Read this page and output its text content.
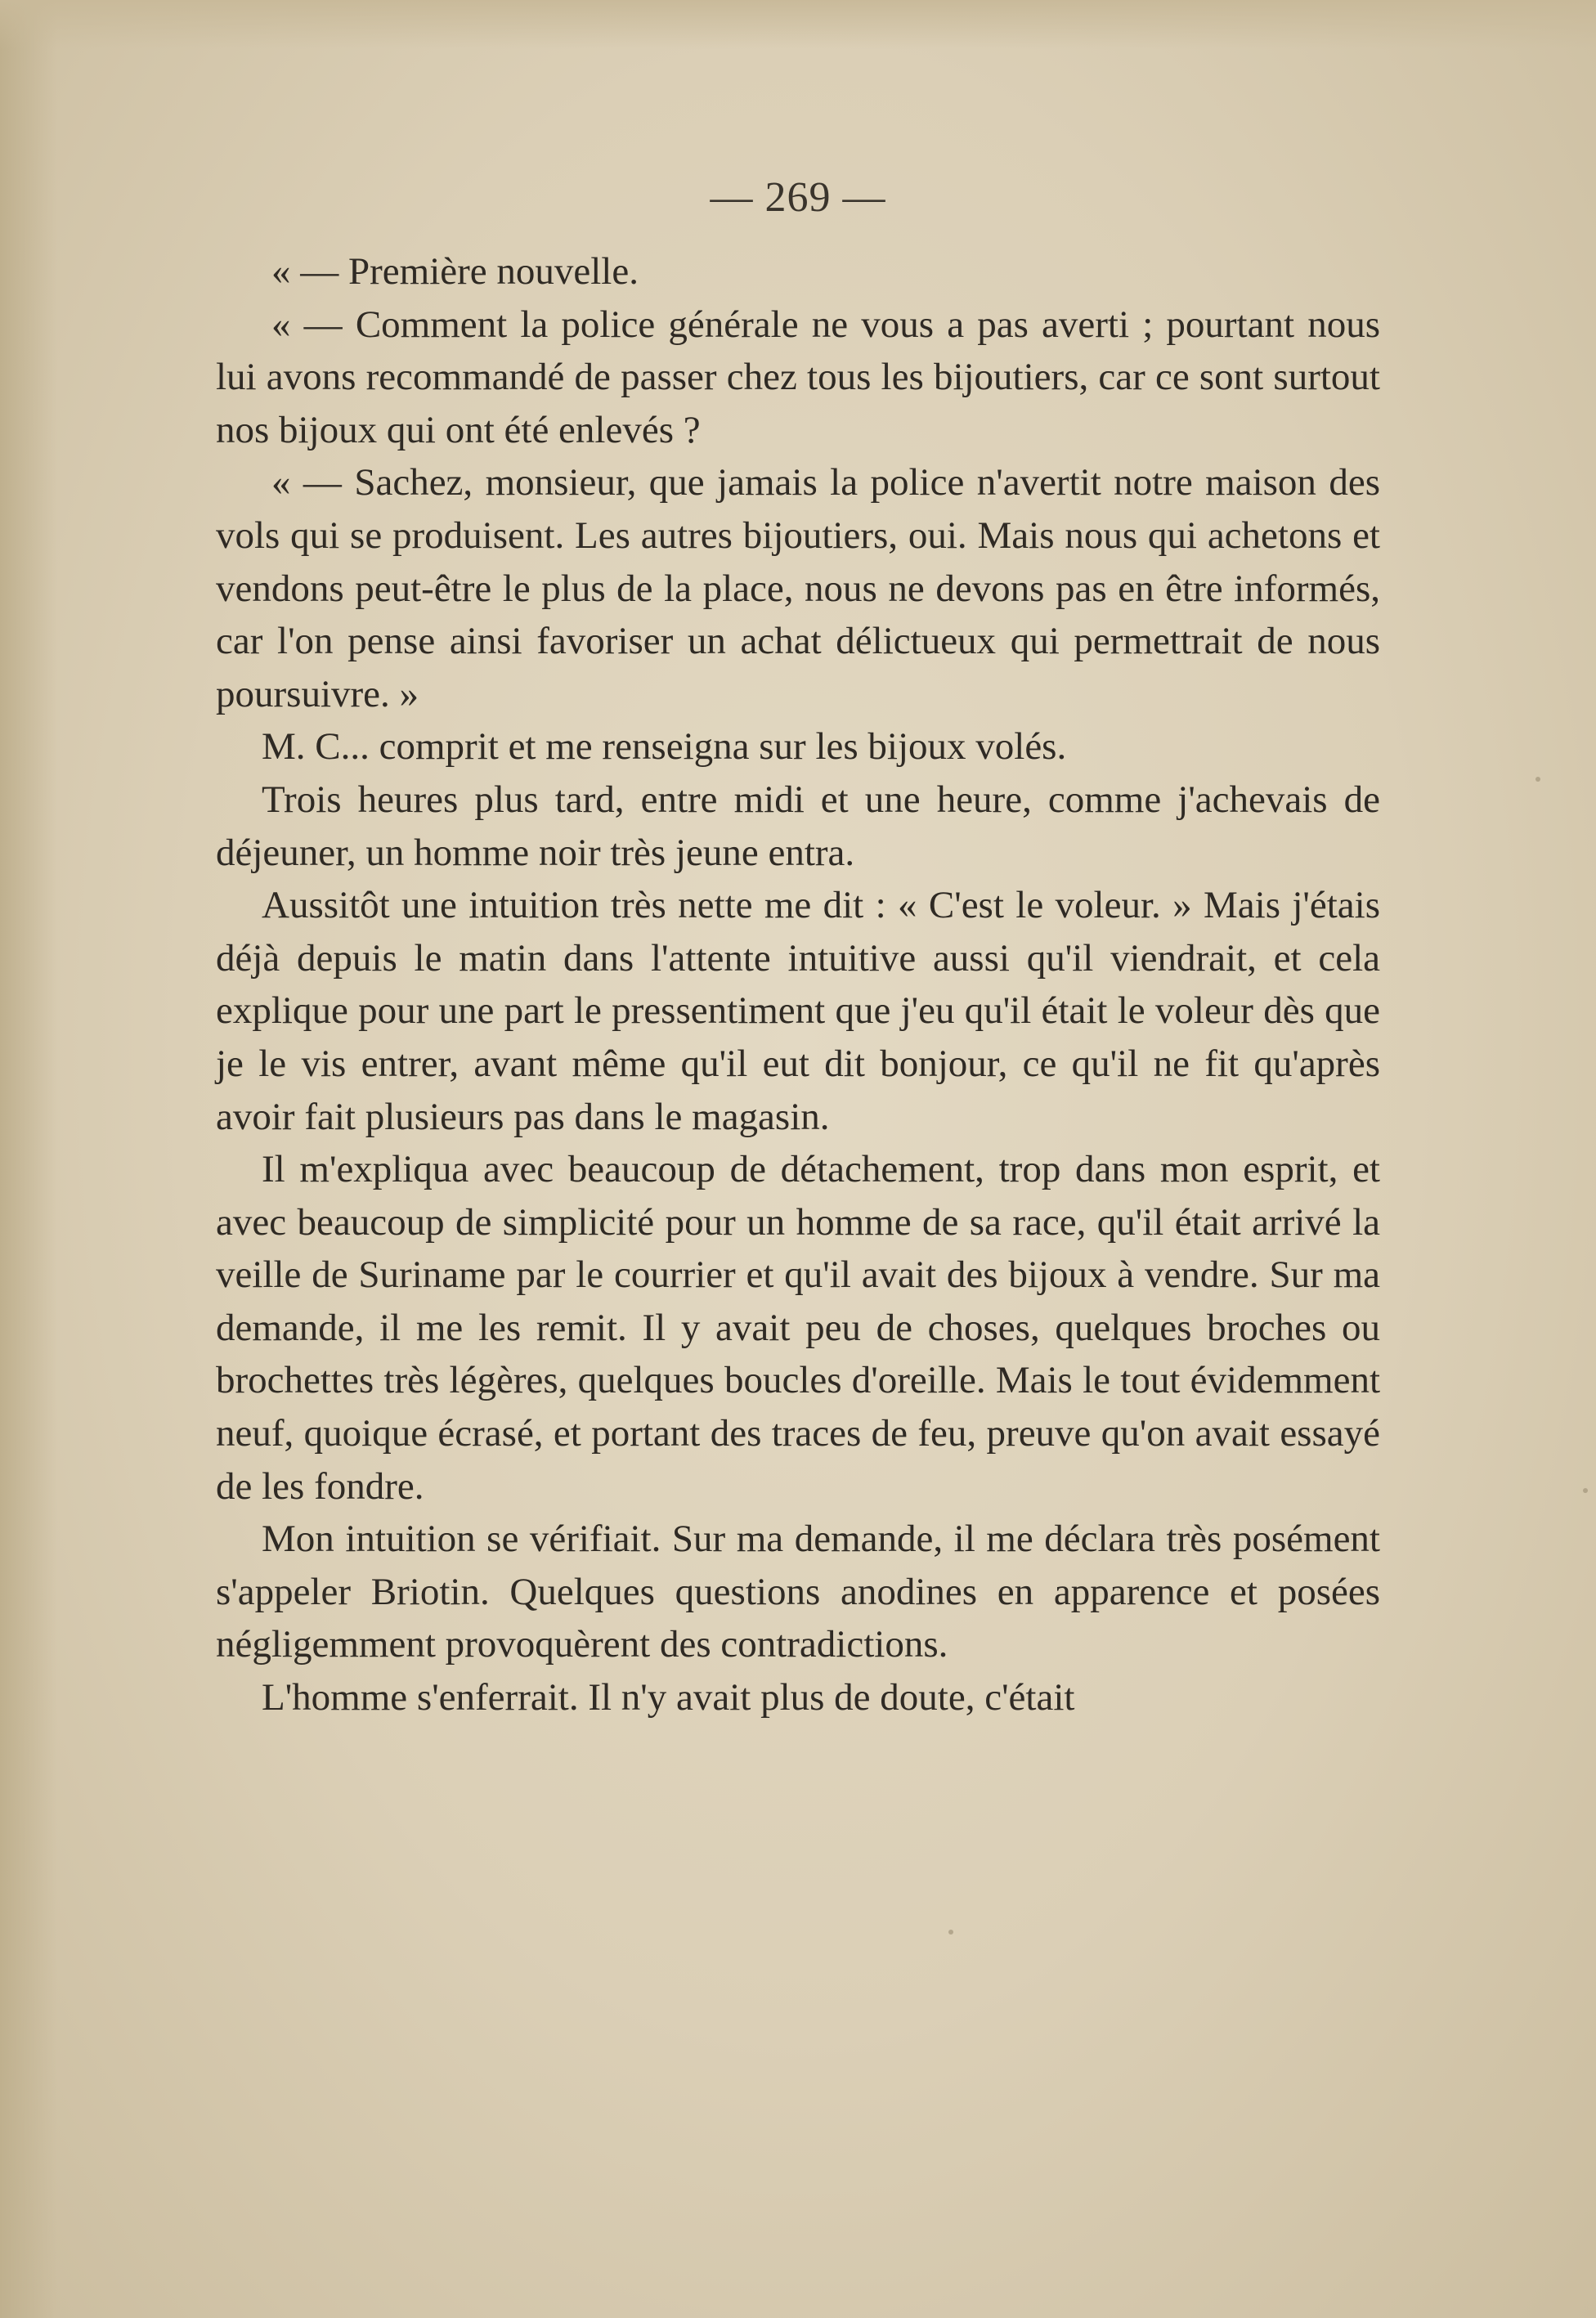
— 269 —

« — Première nouvelle.

« — Comment la police générale ne vous a pas averti ; pourtant nous lui avons recommandé de passer chez tous les bijoutiers, car ce sont surtout nos bijoux qui ont été enlevés ?

« — Sachez, monsieur, que jamais la police n'avertit notre maison des vols qui se produisent. Les autres bijoutiers, oui. Mais nous qui achetons et vendons peut-être le plus de la place, nous ne devons pas en être informés, car l'on pense ainsi favoriser un achat délictueux qui permettrait de nous poursuivre. »

M. C... comprit et me renseigna sur les bijoux volés.

Trois heures plus tard, entre midi et une heure, comme j'achevais de déjeuner, un homme noir très jeune entra.

Aussitôt une intuition très nette me dit : « C'est le voleur. » Mais j'étais déjà depuis le matin dans l'attente intuitive aussi qu'il viendrait, et cela explique pour une part le pressentiment que j'eu qu'il était le voleur dès que je le vis entrer, avant même qu'il eut dit bonjour, ce qu'il ne fit qu'après avoir fait plusieurs pas dans le magasin.

Il m'expliqua avec beaucoup de détachement, trop dans mon esprit, et avec beaucoup de simplicité pour un homme de sa race, qu'il était arrivé la veille de Suriname par le courrier et qu'il avait des bijoux à vendre. Sur ma demande, il me les remit. Il y avait peu de choses, quelques broches ou brochettes très légères, quelques boucles d'oreille. Mais le tout évidemment neuf, quoique écrasé, et portant des traces de feu, preuve qu'on avait essayé de les fondre.

Mon intuition se vérifiait. Sur ma demande, il me déclara très posément s'appeler Briotin. Quelques questions anodines en apparence et posées négligemment provoquèrent des contradictions.

L'homme s'enferrait. Il n'y avait plus de doute, c'était
